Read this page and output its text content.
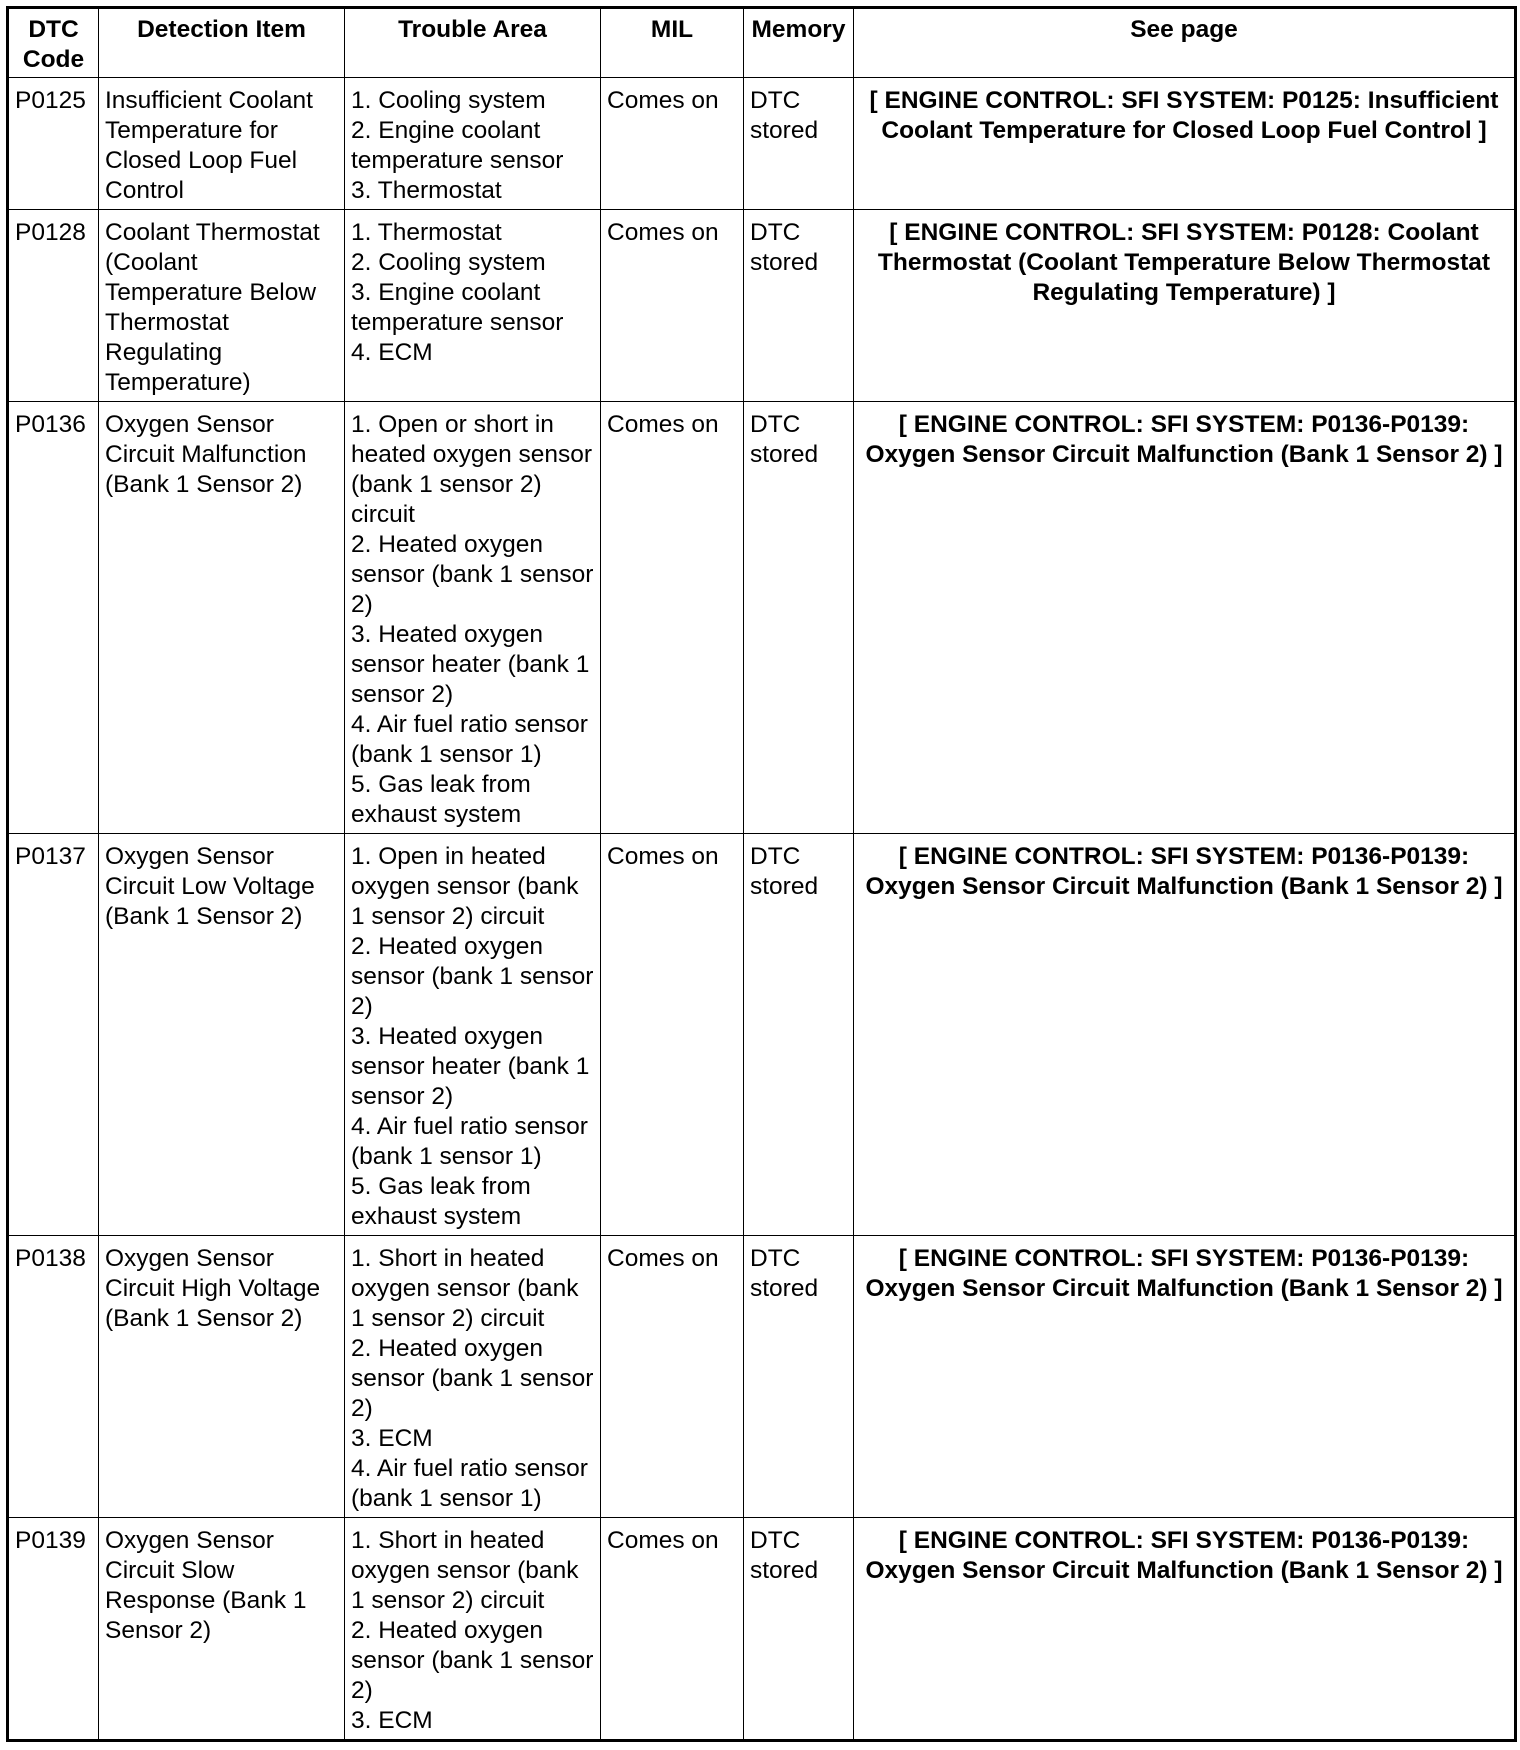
DTC Code	Detection Item	Trouble Area	MIL	Memory	See page
P0125	Insufficient Coolant Temperature for Closed Loop Fuel Control	1. Cooling system
2. Engine coolant temperature sensor
3. Thermostat	Comes on	DTC stored	[ ENGINE CONTROL: SFI SYSTEM: P0125: Insufficient Coolant Temperature for Closed Loop Fuel Control ]
P0128	Coolant Thermostat (Coolant Temperature Below Thermostat Regulating Temperature)	1. Thermostat
2. Cooling system
3. Engine coolant temperature sensor
4. ECM	Comes on	DTC stored	[ ENGINE CONTROL: SFI SYSTEM: P0128: Coolant Thermostat (Coolant Temperature Below Thermostat Regulating Temperature) ]
P0136	Oxygen Sensor Circuit Malfunction (Bank 1 Sensor 2)	1. Open or short in heated oxygen sensor (bank 1 sensor 2) circuit
2. Heated oxygen sensor (bank 1 sensor 2)
3. Heated oxygen sensor heater (bank 1 sensor 2)
4. Air fuel ratio sensor (bank 1 sensor 1)
5. Gas leak from exhaust system	Comes on	DTC stored	[ ENGINE CONTROL: SFI SYSTEM: P0136-P0139: Oxygen Sensor Circuit Malfunction (Bank 1 Sensor 2) ]
P0137	Oxygen Sensor Circuit Low Voltage (Bank 1 Sensor 2)	1. Open in heated oxygen sensor (bank 1 sensor 2) circuit
2. Heated oxygen sensor (bank 1 sensor 2)
3. Heated oxygen sensor heater (bank 1 sensor 2)
4. Air fuel ratio sensor (bank 1 sensor 1)
5. Gas leak from exhaust system	Comes on	DTC stored	[ ENGINE CONTROL: SFI SYSTEM: P0136-P0139: Oxygen Sensor Circuit Malfunction (Bank 1 Sensor 2) ]
P0138	Oxygen Sensor Circuit High Voltage (Bank 1 Sensor 2)	1. Short in heated oxygen sensor (bank 1 sensor 2) circuit
2. Heated oxygen sensor (bank 1 sensor 2)
3. ECM
4. Air fuel ratio sensor (bank 1 sensor 1)	Comes on	DTC stored	[ ENGINE CONTROL: SFI SYSTEM: P0136-P0139: Oxygen Sensor Circuit Malfunction (Bank 1 Sensor 2) ]
P0139	Oxygen Sensor Circuit Slow Response (Bank 1 Sensor 2)	1. Short in heated oxygen sensor (bank 1 sensor 2) circuit
2. Heated oxygen sensor (bank 1 sensor 2)
3. ECM	Comes on	DTC stored	[ ENGINE CONTROL: SFI SYSTEM: P0136-P0139: Oxygen Sensor Circuit Malfunction (Bank 1 Sensor 2) ]
